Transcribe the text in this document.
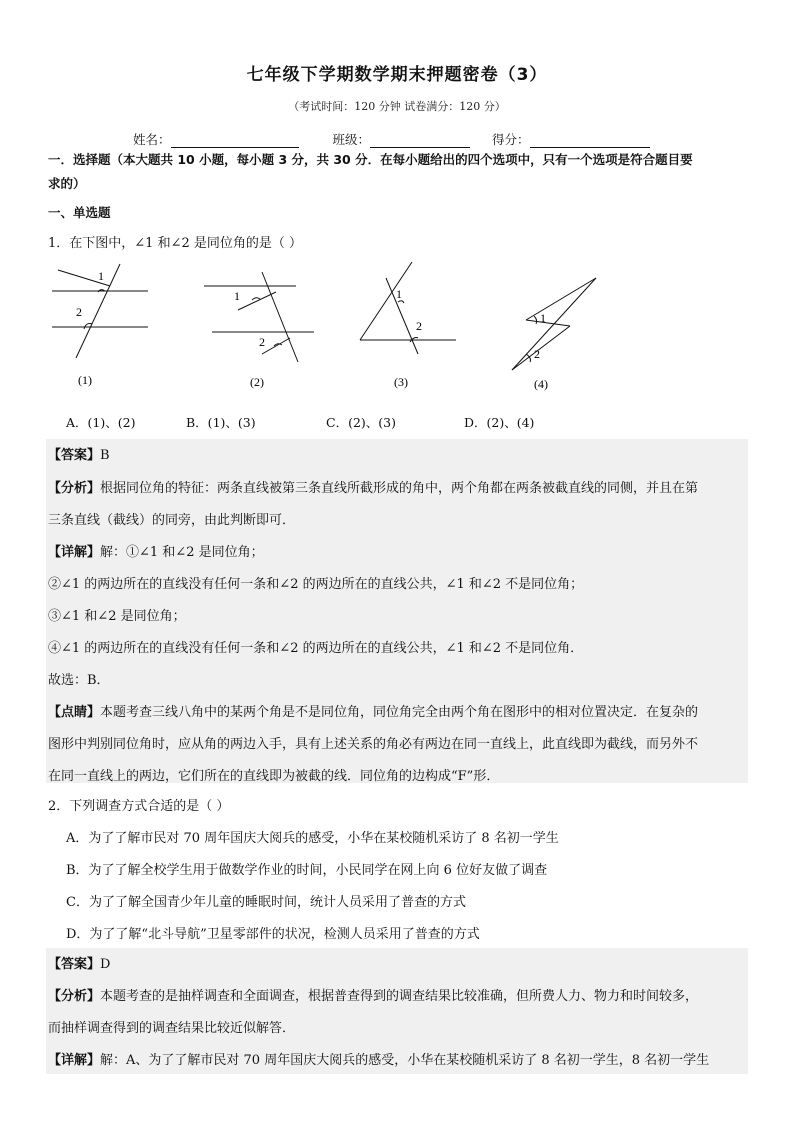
七年级下学期数学期末押题密卷（3）
（考试时间：120 分钟 试卷满分：120 分）
姓名：	班级：	得分：
一．选择题（本大题共 10 小题，每小题 3 分，共 30 分．在每小题给出的四个选项中，只有一个选项是符合题目要
求的）
一、单选题
1．在下图中，∠1 和∠2 是同位角的是（ ）
1
2
(1)
1
2
(2)
1
2
(3)
1
2
(4)
A．(1)、(2)	B．(1)、(3)	C．(2)、(3)	D．(2)、(4)
【答案】B
【分析】根据同位角的特征：两条直线被第三条直线所截形成的角中，两个角都在两条被截直线的同侧，并且在第
三条直线（截线）的同旁，由此判断即可．
【详解】解：①∠1 和∠2 是同位角；
②∠1 的两边所在的直线没有任何一条和∠2 的两边所在的直线公共，∠1 和∠2 不是同位角；
③∠1 和∠2 是同位角；
④∠1 的两边所在的直线没有任何一条和∠2 的两边所在的直线公共，∠1 和∠2 不是同位角．
故选：B．
【点睛】本题考查三线八角中的某两个角是不是同位角，同位角完全由两个角在图形中的相对位置决定．在复杂的
图形中判别同位角时，应从角的两边入手，具有上述关系的角必有两边在同一直线上，此直线即为截线，而另外不
在同一直线上的两边，它们所在的直线即为被截的线．同位角的边构成“F”形．
2．下列调查方式合适的是（ ）
A．为了了解市民对 70 周年国庆大阅兵的感受，小华在某校随机采访了 8 名初一学生
B．为了了解全校学生用于做数学作业的时间，小民同学在网上向 6 位好友做了调查
C．为了了解全国青少年儿童的睡眠时间，统计人员采用了普查的方式
D．为了了解“北斗导航”卫星零部件的状况，检测人员采用了普查的方式
【答案】D
【分析】本题考查的是抽样调查和全面调查，根据普查得到的调查结果比较准确，但所费人力、物力和时间较多，
而抽样调查得到的调查结果比较近似解答．
【详解】解：A、为了了解市民对 70 周年国庆大阅兵的感受，小华在某校随机采访了 8 名初一学生，8 名初一学生
